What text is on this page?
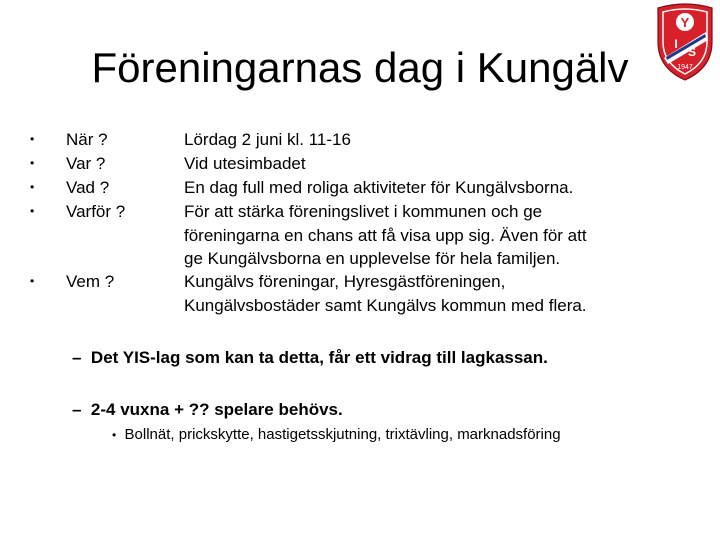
Föreningarnas dag i Kungälv
Y
I
S
1947
•	När ?	Lördag 2 juni kl. 11-16
•	Var ?	Vid utesimbadet
•	Vad ?	En dag full med roliga aktiviteter för Kungälvsborna.
•	Varför ?	För att stärka föreningslivet i kommunen och ge
föreningarna en chans att få visa upp sig. Även för att
ge Kungälvsborna en upplevelse för hela familjen.
•	Vem ?	Kungälvs föreningar, Hyresgästföreningen,
Kungälvsbostäder samt Kungälvs kommun med flera.
– Det YIS-lag som kan ta detta, får ett vidrag till lagkassan.
– 2-4 vuxna + ?? spelare behövs.
• Bollnät, prickskytte, hastigetsskjutning, trixtävling, marknadsföring
